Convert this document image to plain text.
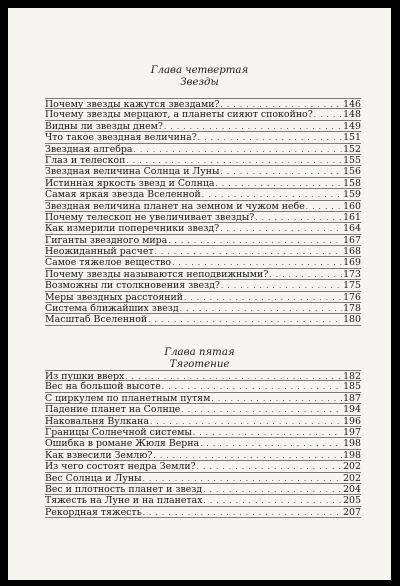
Глава четвертая
Звезды
Почему звезды кажутся звездами? . . .	146
Почему звезды мерцают, а планеты сияют спокойно? . . .	148
Видны ли звезды днем? . . .	149
Что такое звездная величина? . . .	151
Звездная алгебра . . .	152
Глаз и телескоп . . .	155
Звездная величина Солнца и Луны . . .	156
Истинная яркость звезд и Солнца . . .	158
Самая яркая звезда Вселенной . . .	159
Звездная величина планет на земном и чужом небе . . .	160
Почему телескоп не увеличивает звезды? . . .	161
Как измерили поперечники звезд? . . .	164
Гиганты звездного мира . . .	167
Неожиданный расчет . . .	168
Самое тяжелое вещество . . .	169
Почему звезды называются неподвижными? . . .	173
Возможны ли столкновения звезд? . . .	175
Меры звездных расстояний . . .	176
Система ближайших звезд . . .	178
Масштаб Вселенной . . .	180
Глава пятая
Тяготение
Из пушки вверх . . .	182
Вес на большой высоте . . .	185
С циркулем по планетным путям . . .	187
Падение планет на Солнце . . .	194
Наковальня Вулкана . . .	196
Границы Солнечной системы . . .	197
Ошибка в романе Жюля Верна . . .	198
Как взвесили Землю? . . .	198
Из чего состоят недра Земли? . . .	202
Вес Солнца и Луны . . .	202
Вес и плотность планет и звезд . . .	204
Тяжесть на Луне и на планетах . . .	205
Рекордная тяжесть . . .	207
